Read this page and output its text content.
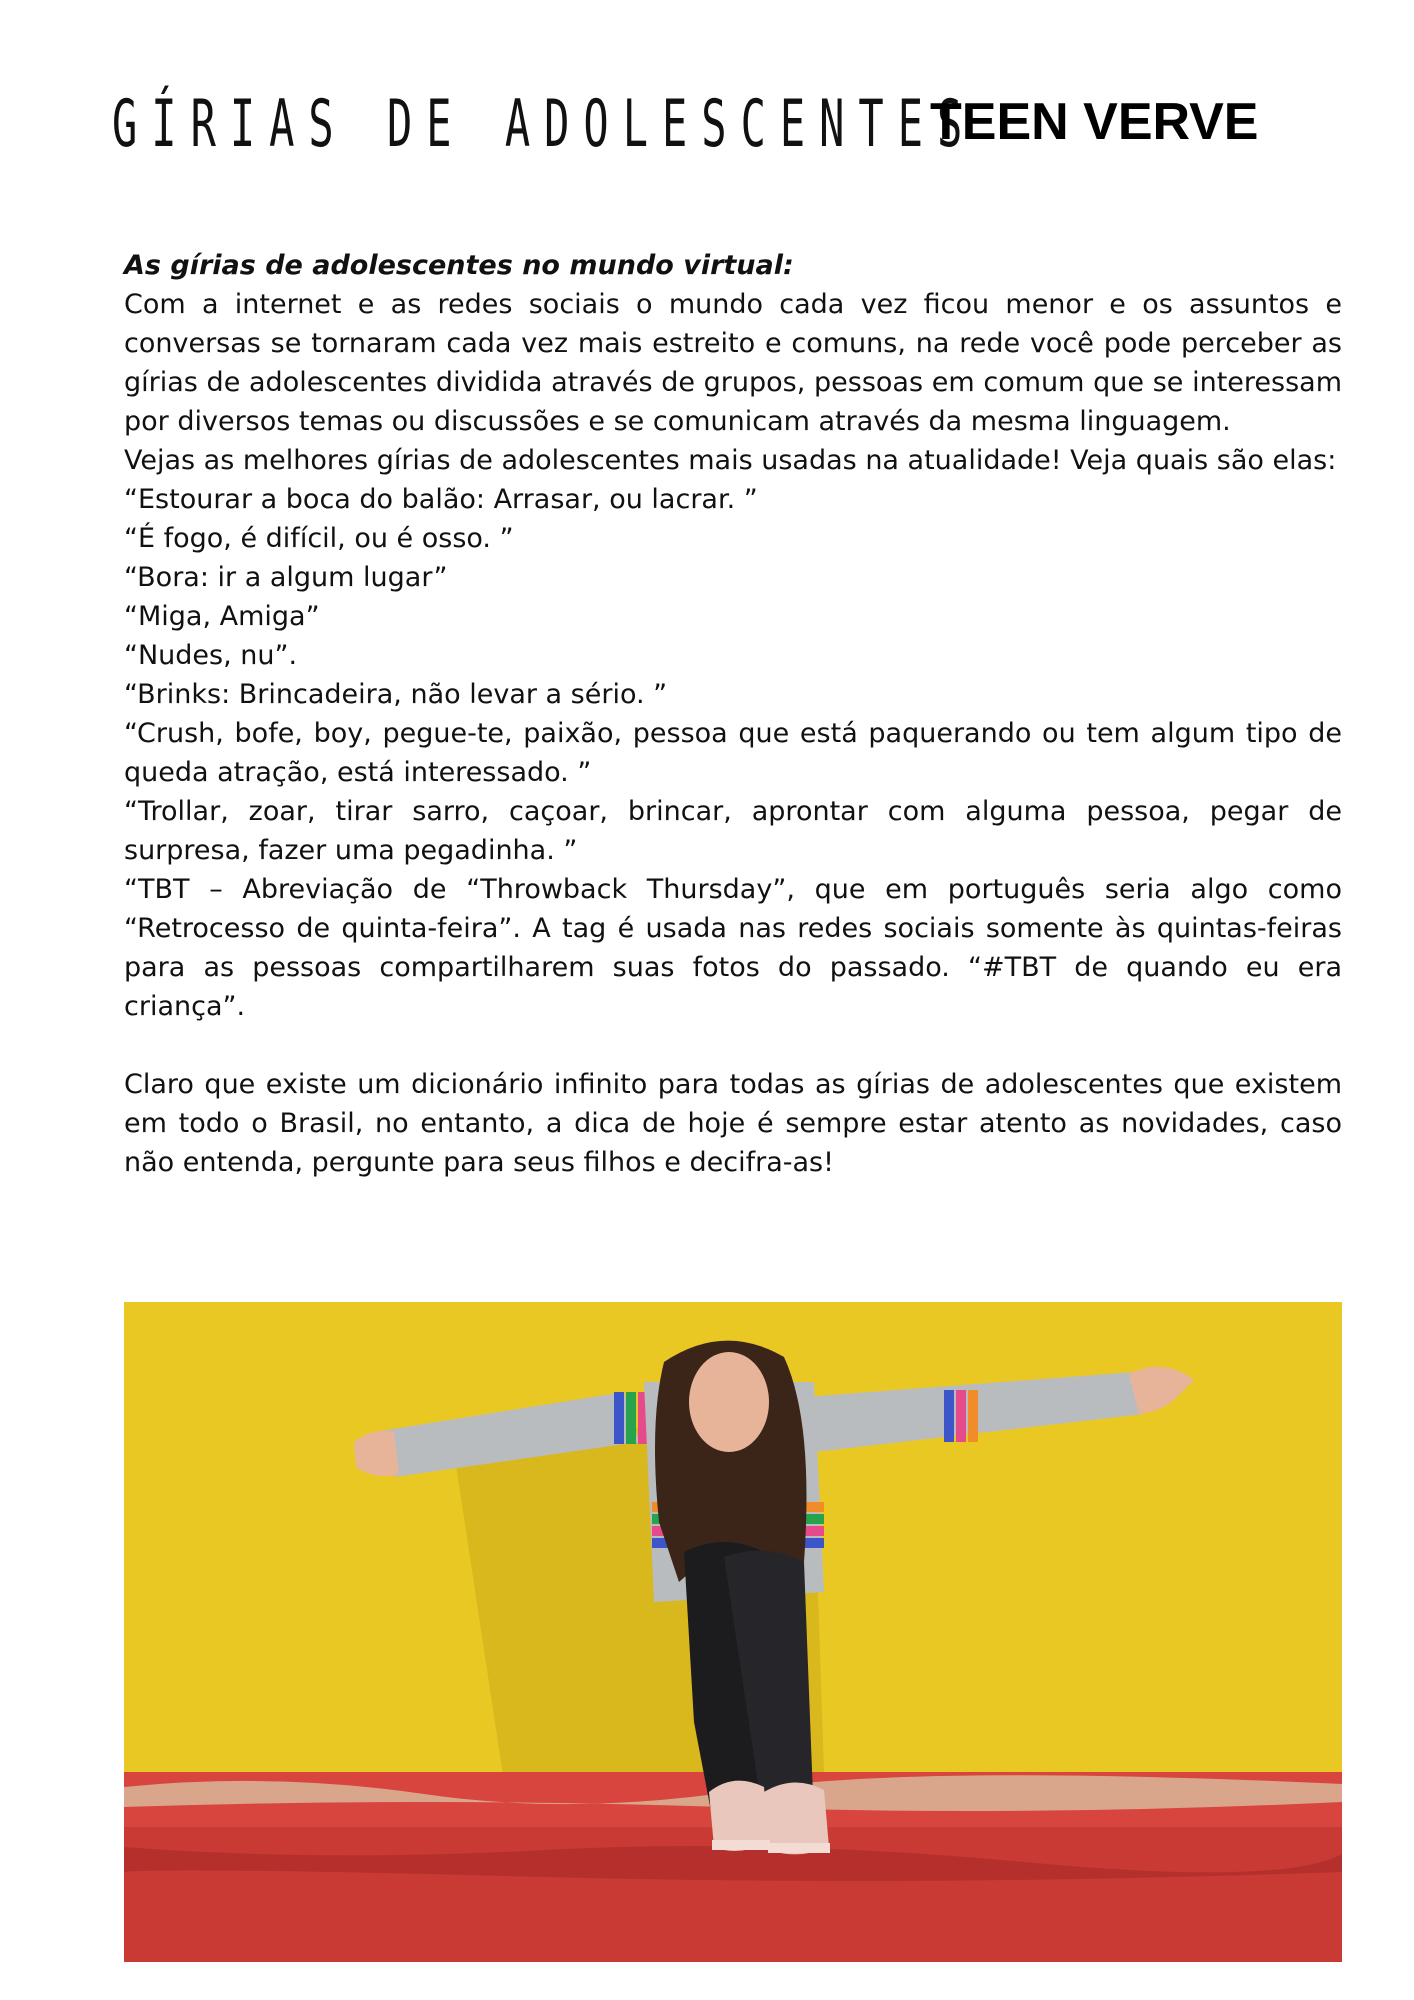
GÍRIAS DE ADOLESCENTES
TEEN VERVE

As gírias de adolescentes no mundo virtual:

Com a internet e as redes sociais o mundo cada vez ficou menor e os assuntos e conversas se tornaram cada vez mais estreito e comuns, na rede você pode perceber as gírias de adolescentes dividida através de grupos, pessoas em comum que se interessam por diversos temas ou discussões e se comunicam através da mesma linguagem.

Vejas as melhores gírias de adolescentes mais usadas na atualidade! Veja quais são elas:

“Estourar a boca do balão: Arrasar, ou lacrar. ”

“É fogo, é difícil, ou é osso. ”

“Bora: ir a algum lugar”

“Miga, Amiga”

“Nudes, nu”.

“Brinks: Brincadeira, não levar a sério. ”

“Crush, bofe, boy, pegue-te, paixão, pessoa que está paquerando ou tem algum tipo de queda atração, está interessado. ”

“Trollar, zoar, tirar sarro, caçoar, brincar, aprontar com alguma pessoa, pegar de surpresa, fazer uma pegadinha. ”

“TBT – Abreviação de “Throwback Thursday”, que em português seria algo como “Retrocesso de quinta-feira”. A tag é usada nas redes sociais somente às quintas-feiras para as pessoas compartilharem suas fotos do passado. “#TBT de quando eu era criança”.

Claro que existe um dicionário infinito para todas as gírias de adolescentes que existem em todo o Brasil, no entanto, a dica de hoje é sempre estar atento as novidades, caso não entenda, pergunte para seus filhos e decifra-as!
